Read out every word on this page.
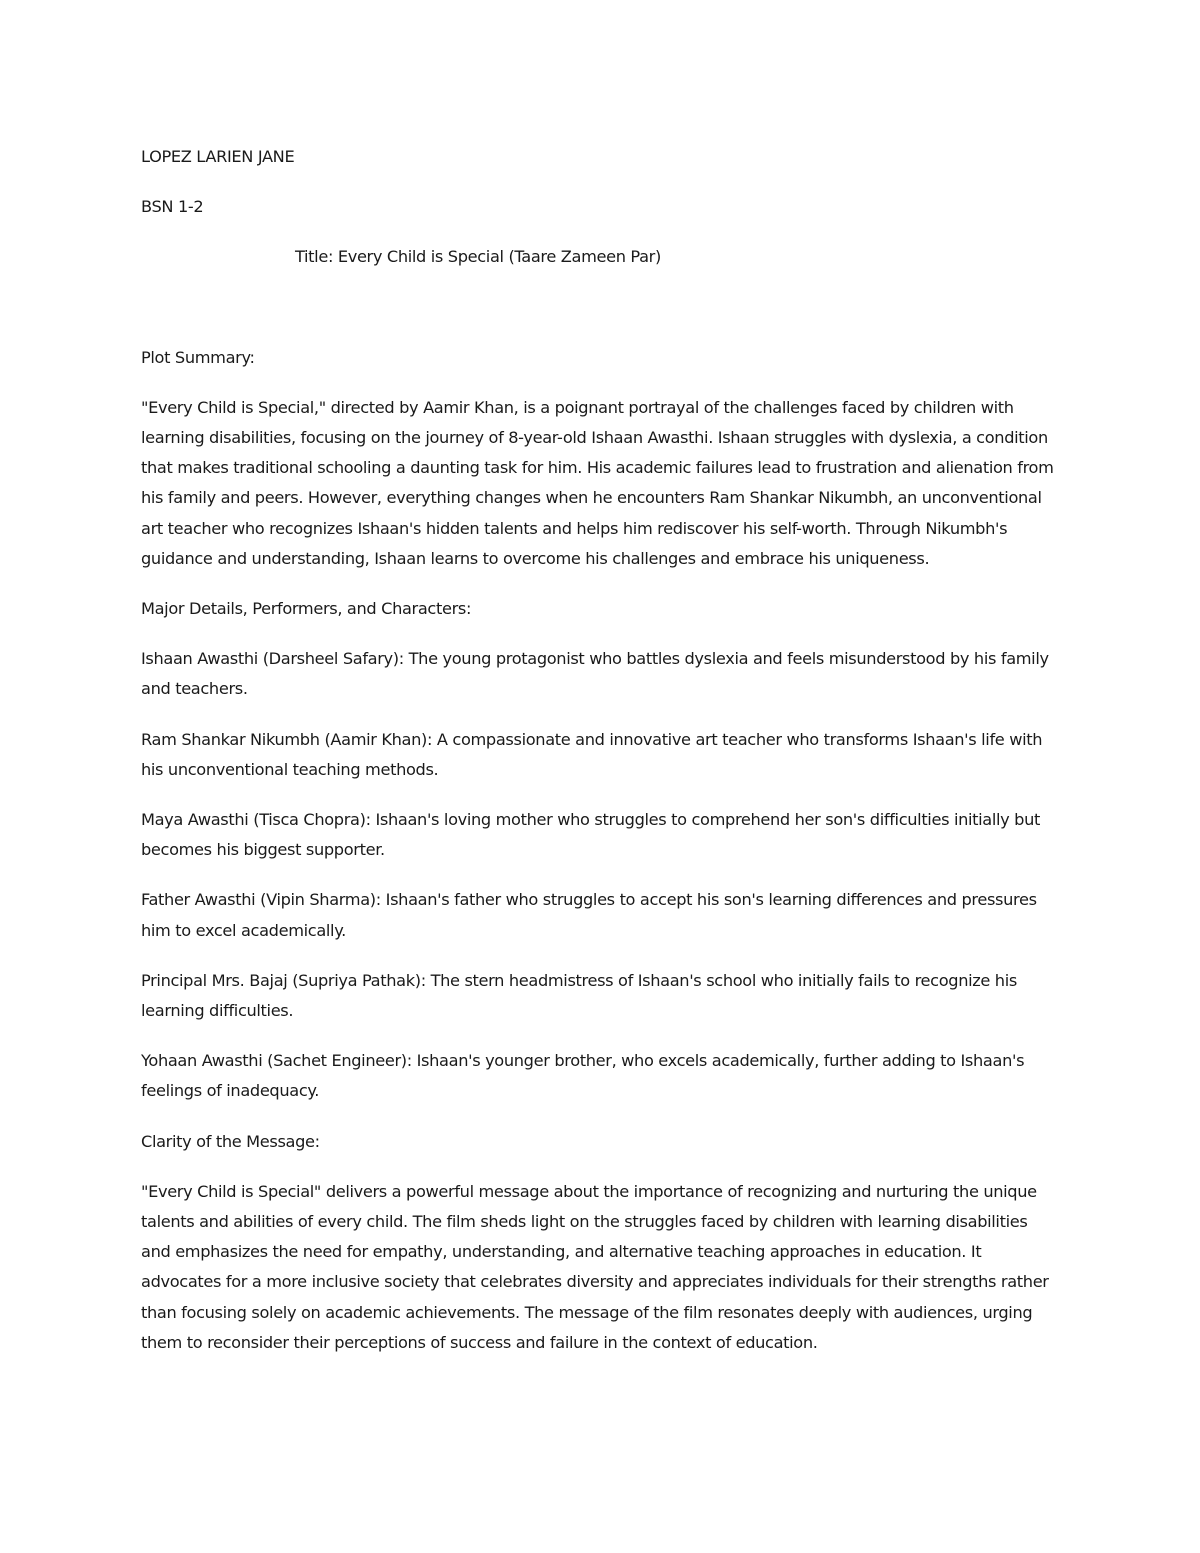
LOPEZ LARIEN JANE

BSN 1-2

Title: Every Child is Special (Taare Zameen Par)

Plot Summary:

"Every Child is Special," directed by Aamir Khan, is a poignant portrayal of the challenges faced by children with learning disabilities, focusing on the journey of 8-year-old Ishaan Awasthi. Ishaan struggles with dyslexia, a condition that makes traditional schooling a daunting task for him. His academic failures lead to frustration and alienation from his family and peers. However, everything changes when he encounters Ram Shankar Nikumbh, an unconventional art teacher who recognizes Ishaan's hidden talents and helps him rediscover his self-worth. Through Nikumbh's guidance and understanding, Ishaan learns to overcome his challenges and embrace his uniqueness.

Major Details, Performers, and Characters:

Ishaan Awasthi (Darsheel Safary): The young protagonist who battles dyslexia and feels misunderstood by his family and teachers.

Ram Shankar Nikumbh (Aamir Khan): A compassionate and innovative art teacher who transforms Ishaan's life with his unconventional teaching methods.

Maya Awasthi (Tisca Chopra): Ishaan's loving mother who struggles to comprehend her son's difficulties initially but becomes his biggest supporter.

Father Awasthi (Vipin Sharma): Ishaan's father who struggles to accept his son's learning differences and pressures him to excel academically.

Principal Mrs. Bajaj (Supriya Pathak): The stern headmistress of Ishaan's school who initially fails to recognize his learning difficulties.

Yohaan Awasthi (Sachet Engineer): Ishaan's younger brother, who excels academically, further adding to Ishaan's feelings of inadequacy.

Clarity of the Message:

"Every Child is Special" delivers a powerful message about the importance of recognizing and nurturing the unique talents and abilities of every child. The film sheds light on the struggles faced by children with learning disabilities and emphasizes the need for empathy, understanding, and alternative teaching approaches in education. It advocates for a more inclusive society that celebrates diversity and appreciates individuals for their strengths rather than focusing solely on academic achievements. The message of the film resonates deeply with audiences, urging them to reconsider their perceptions of success and failure in the context of education.
